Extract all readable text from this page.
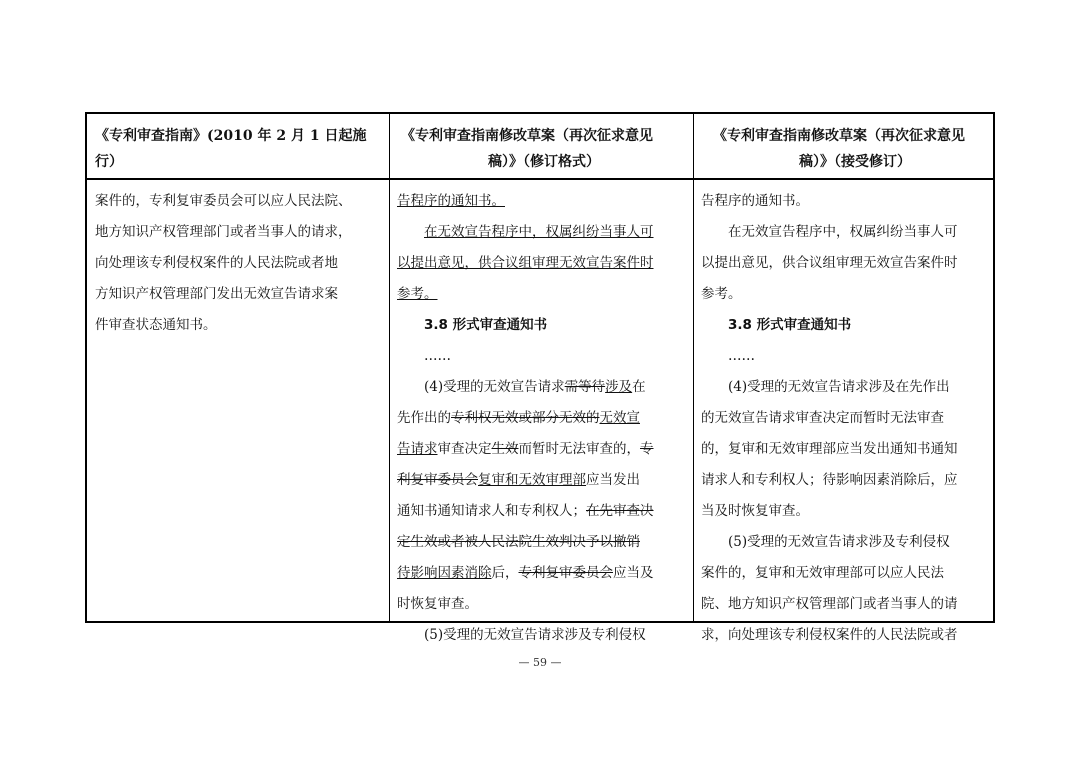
《专利审查指南》(2010 年 2 月 1 日起施行）
《专利审查指南修改草案（再次征求意见
稿）》（修订格式）
《专利审查指南修改草案（再次征求意见
稿）》（接受修订）
案件的，专利复审委员会可以应人民法院、
地方知识产权管理部门或者当事人的请求，
向处理该专利侵权案件的人民法院或者地
方知识产权管理部门发出无效宣告请求案
件审查状态通知书。
告程序的通知书。
在无效宣告程序中，权属纠纷当事人可
以提出意见，供合议组审理无效宣告案件时
参考。
3.8 形式审查通知书
……
(4)受理的无效宣告请求需等待涉及在
先作出的专利权无效或部分无效的无效宣
告请求审查决定生效而暂时无法审查的，专
利复审委员会复审和无效审理部应当发出
通知书通知请求人和专利权人；在先审查决
定生效或者被人民法院生效判决予以撤销
待影响因素消除后，专利复审委员会应当及
时恢复审查。
(5)受理的无效宣告请求涉及专利侵权
告程序的通知书。
在无效宣告程序中，权属纠纷当事人可
以提出意见，供合议组审理无效宣告案件时
参考。
3.8 形式审查通知书
……
(4)受理的无效宣告请求涉及在先作出
的无效宣告请求审查决定而暂时无法审查
的，复审和无效审理部应当发出通知书通知
请求人和专利权人；待影响因素消除后，应
当及时恢复审查。
(5)受理的无效宣告请求涉及专利侵权
案件的，复审和无效审理部可以应人民法
院、地方知识产权管理部门或者当事人的请
求，向处理该专利侵权案件的人民法院或者
— 59 —
